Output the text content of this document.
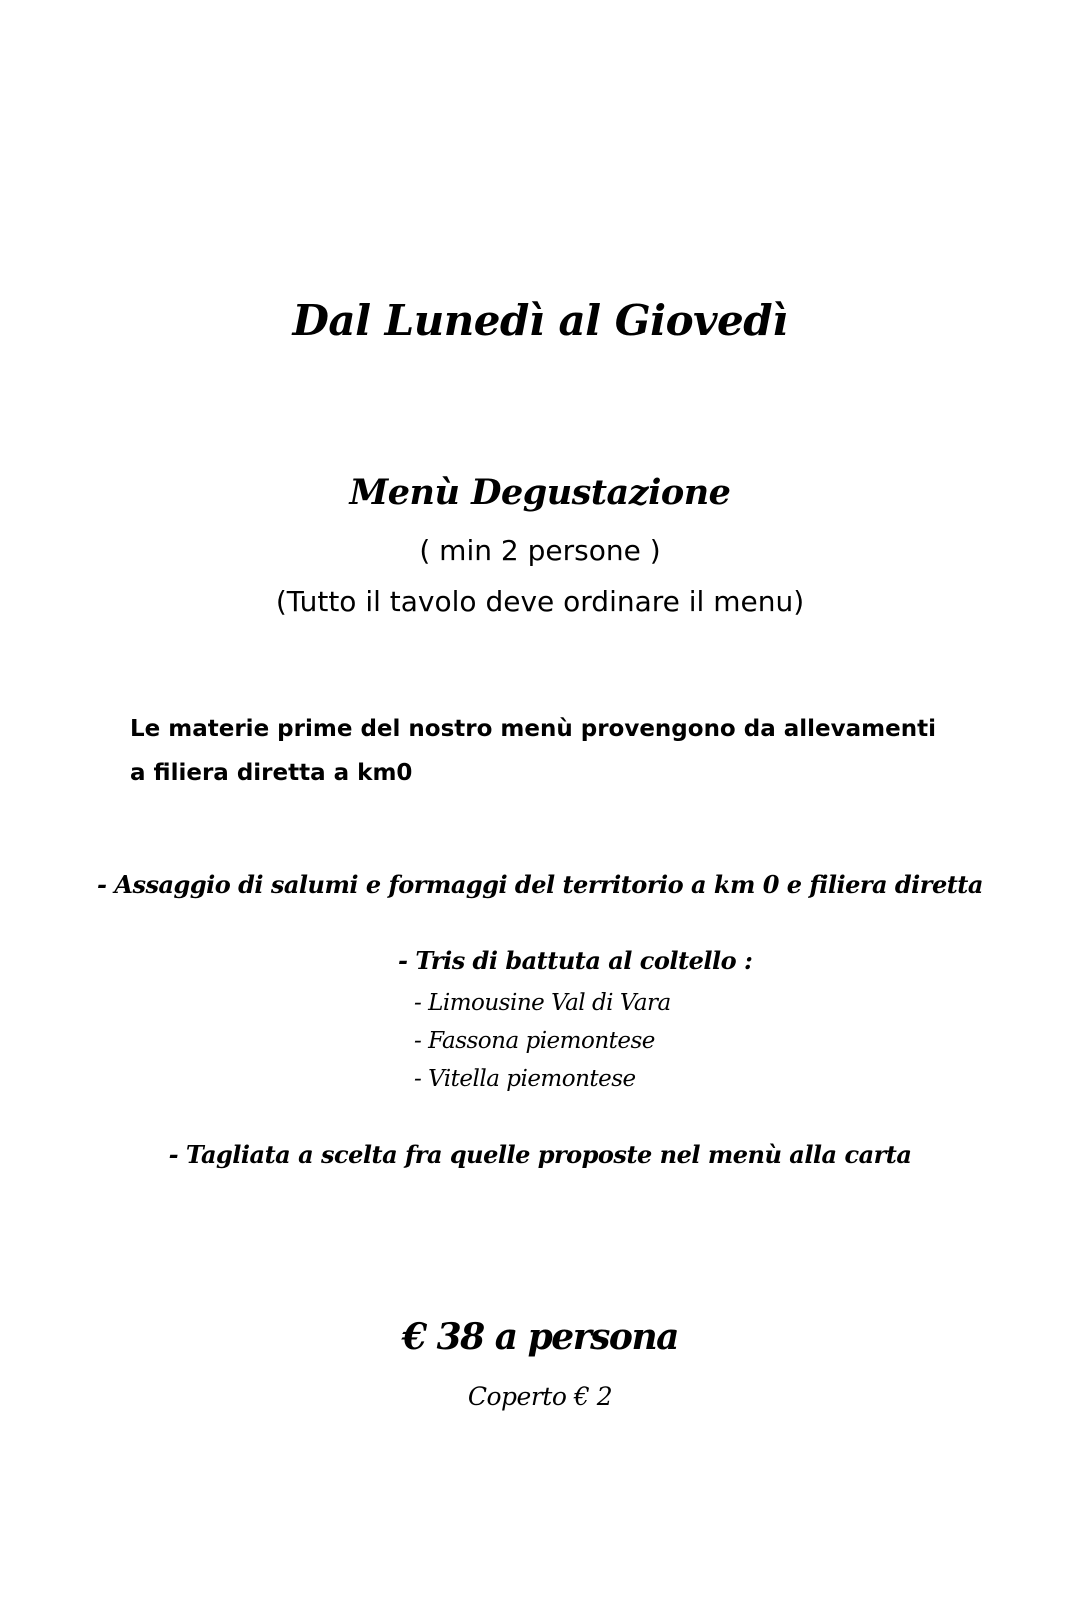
Dal Lunedì al Giovedì
Menù Degustazione
( min 2 persone )
(Tutto il tavolo deve ordinare il menu)
Le materie prime del nostro menù provengono da allevamenti
a filiera diretta a km0
- Assaggio di salumi e formaggi del territorio a km 0 e filiera diretta
- Tris di battuta al coltello :
- Limousine Val di Vara
- Fassona piemontese
- Vitella piemontese
- Tagliata a scelta fra quelle proposte nel menù alla carta
€ 38 a persona
Coperto € 2
